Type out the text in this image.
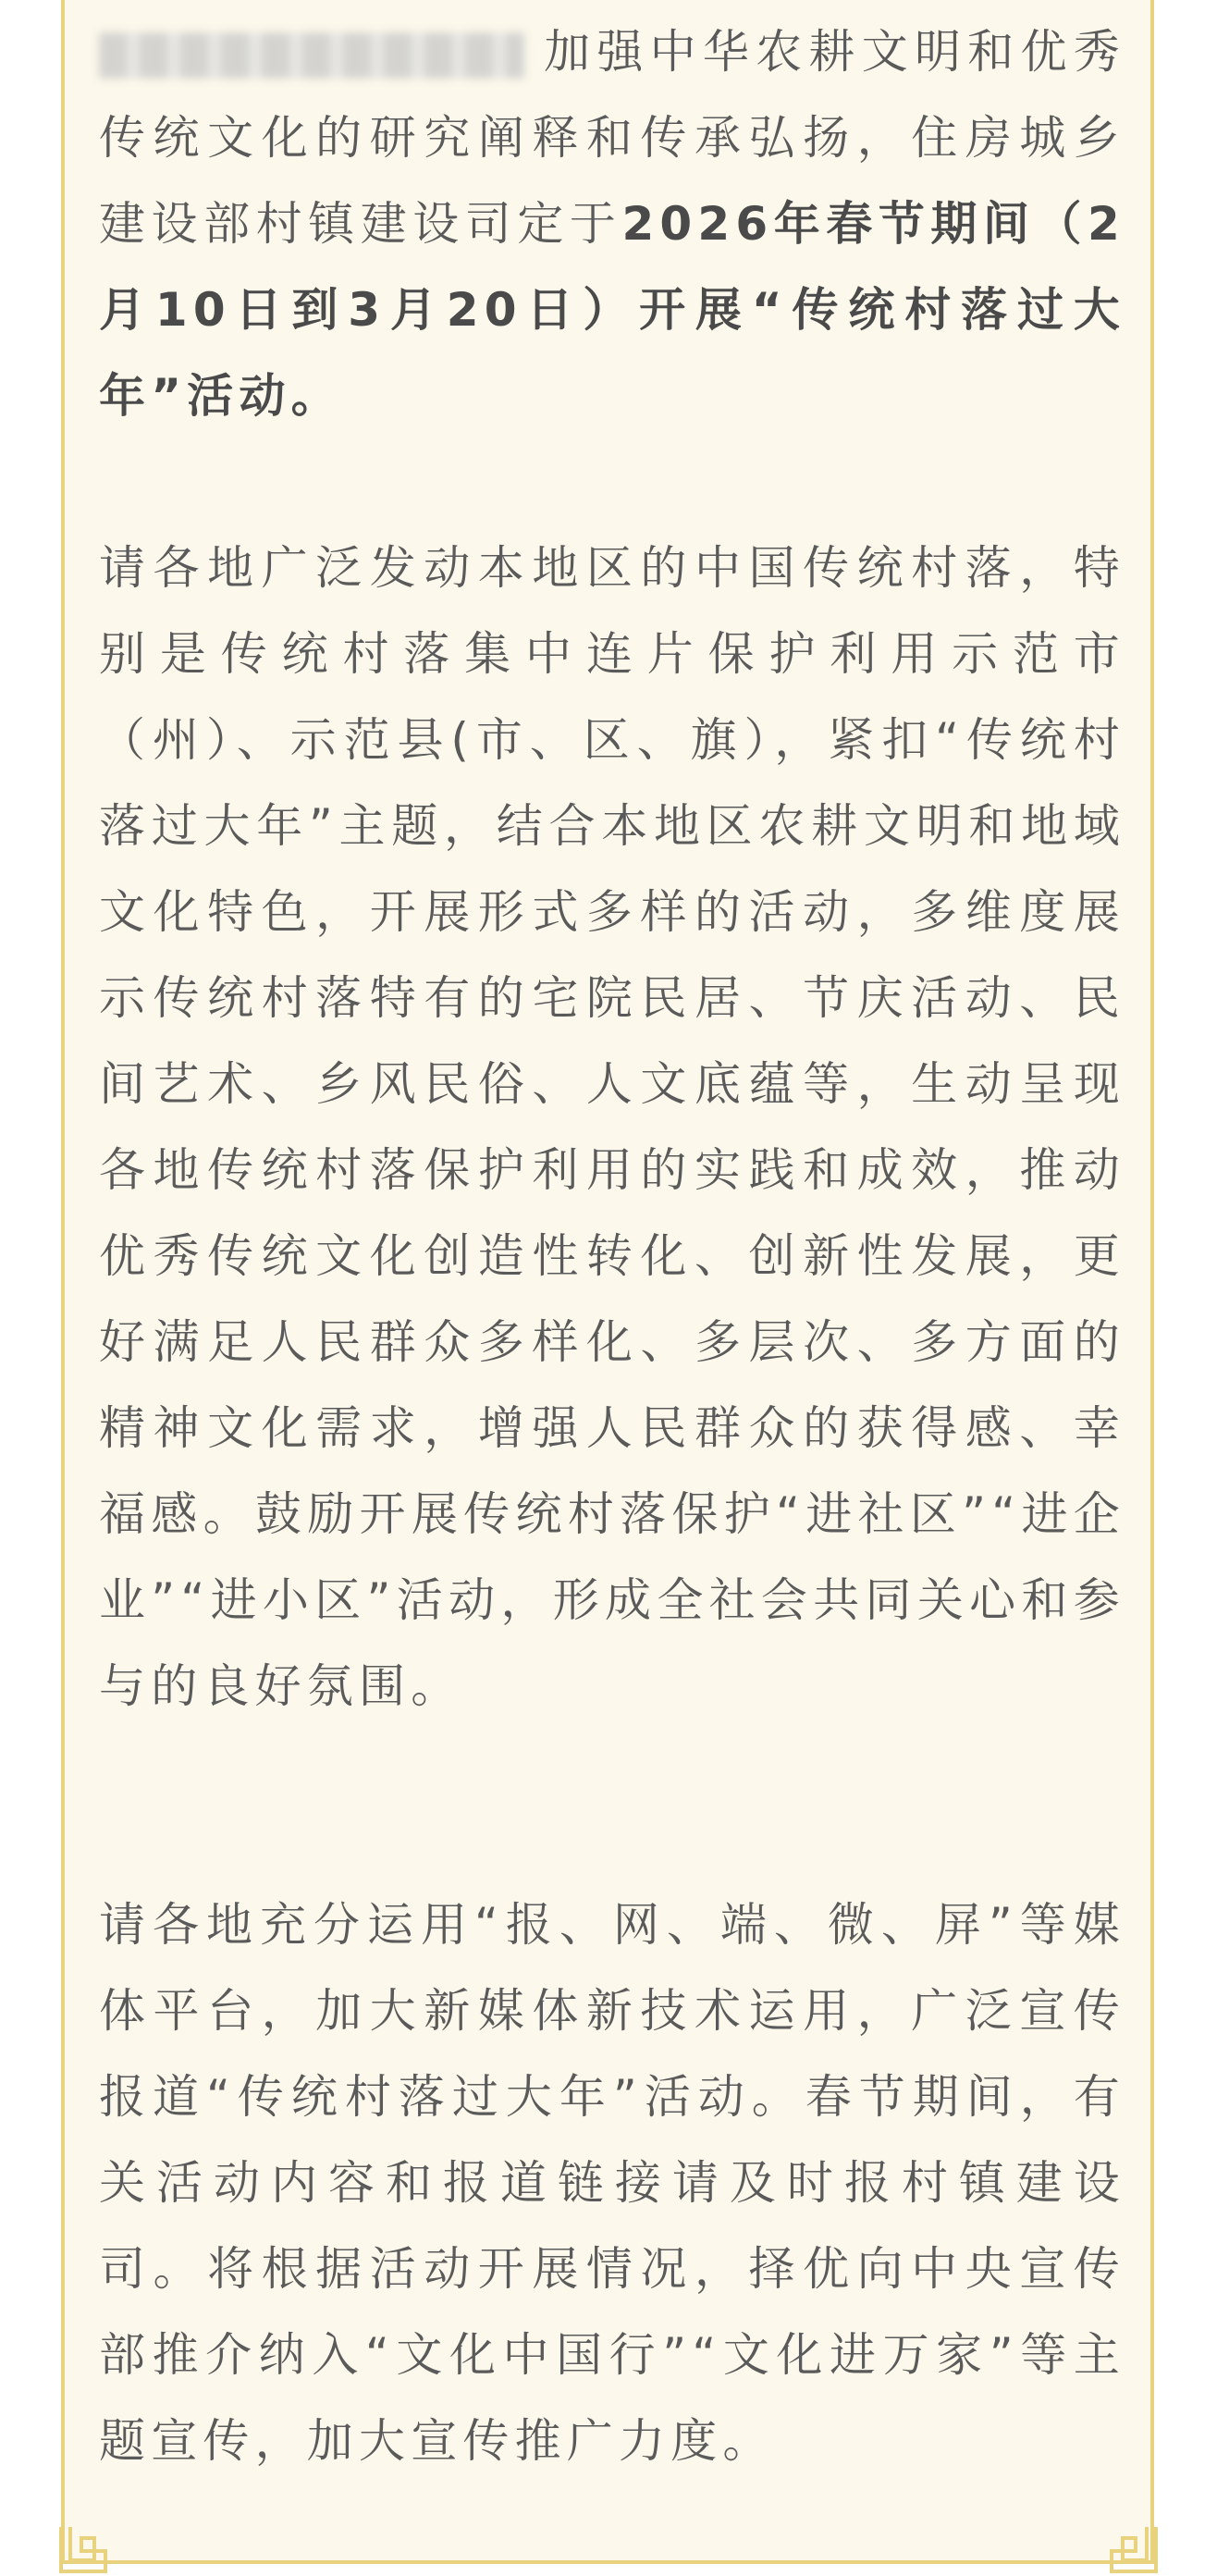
加强中华农耕文明和优秀传统文化的研究阐释和传承弘扬，住房城乡建设部村镇建设司定于2026年春节期间（2月10日到3月20日）开展“传统村落过大年”活动。
请各地广泛发动本地区的中国传统村落，特别是传统村落集中连片保护利用示范市（州）、示范县(市、区、旗），紧扣“传统村落过大年”主题，结合本地区农耕文明和地域文化特色，开展形式多样的活动，多维度展示传统村落特有的宅院民居、节庆活动、民间艺术、乡风民俗、人文底蕴等，生动呈现各地传统村落保护利用的实践和成效，推动优秀传统文化创造性转化、创新性发展，更好满足人民群众多样化、多层次、多方面的精神文化需求，增强人民群众的获得感、幸福感。鼓励开展传统村落保护“进社区”“进企业”“进小区”活动，形成全社会共同关心和参与的良好氛围。
请各地充分运用“报、网、端、微、屏”等媒体平台，加大新媒体新技术运用，广泛宣传报道“传统村落过大年”活动。春节期间，有关活动内容和报道链接请及时报村镇建设司。将根据活动开展情况，择优向中央宣传部推介纳入“文化中国行”“文化进万家”等主题宣传，加大宣传推广力度。
